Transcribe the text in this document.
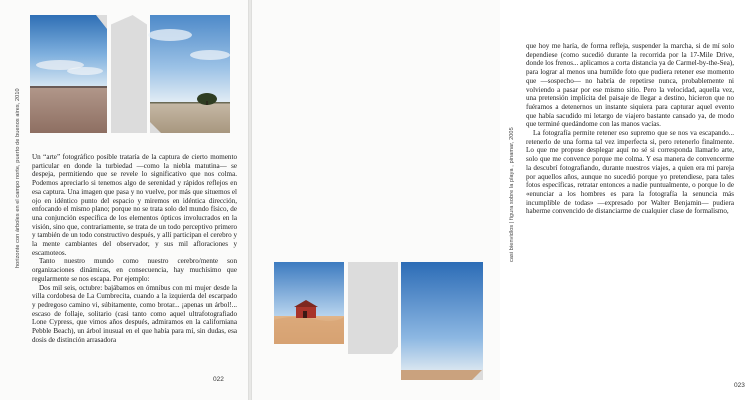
horizonte con árboles en el campo norte, puerto de buenos aires, 2010 Un “arte” fotográfico posible trataría de la captura de cierto momento particular en donde la turbiedad —como la niebla matutina— se despeja, permitiendo que se revele lo significativo que nos colma. Podemos apreciarlo si tenemos algo de serenidad y rápidos reflejos en esa captura. Una imagen que pasa y no vuelve, por más que situemos el ojo en idéntico punto del espacio y miremos en idéntica dirección, enfocando el mismo plano; porque no se trata solo del mundo físico, de una conjunción específica de los elementos ópticos involucrados en la visión, sino que, contrariamente, se trata de un todo perceptivo primero y también de un todo constructivo después, y allí participan el cerebro y la mente cambiantes del observador, y sus mil afloraciones y escamoteos.

Tanto nuestro mundo como nuestro cerebro/mente son organizaciones dinámicas, en consecuencia, hay muchísimo que regularmente se nos escapa. Por ejemplo:

Dos mil seis, octubre: bajábamos en ómnibus con mi mujer desde la villa cordobesa de La Cumbrecita, cuando a la izquierda del escarpado y pedregoso camino vi, súbitamente, como brotar... ¡apenas un árbol!... escaso de follaje, solitario (casi tanto como aquel ultrafotografiado Lone Cypress, que vimos años después, admiramos en la californiana Pebble Beach), un árbol inusual en el que había para mí, sin dudas, esa dosis de distinción arrasadora

022

que hoy me haría, de forma refleja, suspender la marcha, si de mí solo dependiese (como sucedió durante la recorrida por la 17-Mile Drive, donde los frenos... aplicamos a corta distancia ya de Carmel-by-the-Sea), para lograr al menos una humilde foto que pudiera retener ese momento que —sospecho— no habría de repetirse nunca, probablemente ni volviendo a pasar por ese mismo sitio. Pero la velocidad, aquella vez, una pretensión implícita del paisaje de llegar a destino, hicieron que no fuéramos a detenernos un instante siquiera para capturar aquel evento que había sacudido mi letargo de viajero bastante cansado ya, de modo que terminé quedándome con las manos vacías.

La fotografía permite retener eso supremo que se nos va escapando... retenerlo de una forma tal vez imperfecta si, pero retenerlo finalmente. Lo que me propuse desplegar aquí no sé si corresponda llamarlo arte, solo que me convence porque me colma. Y esa manera de convencerme la descubrí fotografiando, durante nuestros viajes, a quien era mi pareja por aquellos años, aunque no sucedió porque yo pretendiese, para tales fotos específicas, retratar entonces a nadie puntualmente, o porque lo de «enunciar a los hombres es para la fotografía la senuncia más incumplible de todas» —expresado por Walter Benjamin— pudiera haberme convencido de distanciarme de cualquier clase de formalismo,

casi bienvidlos | figura sobre la playa , pinamar, 2005
023
